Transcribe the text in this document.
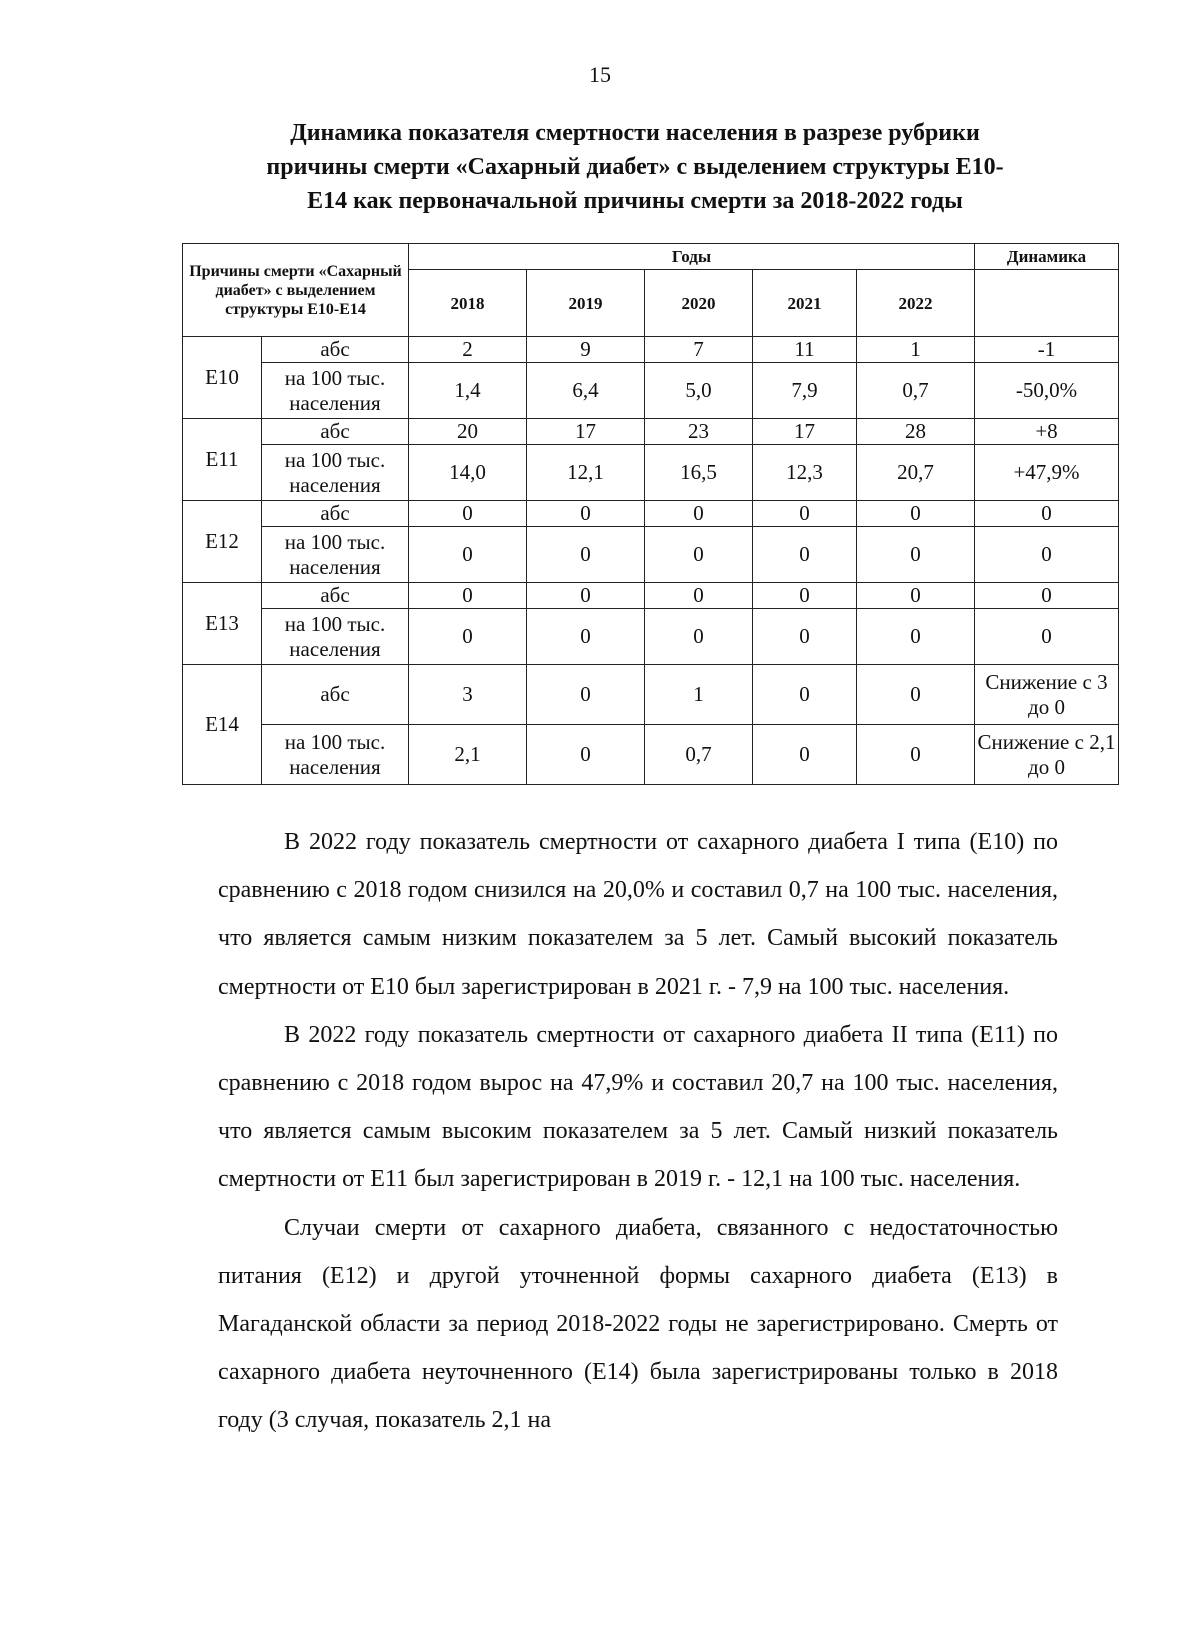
15
Динамика показателя смертности населения в разрезе рубрики
причины смерти «Сахарный диабет» с выделением структуры Е10-
Е14 как первоначальной причины смерти за 2018-2022 годы
Причины смерти «Сахарный диабет» с выделением структуры Е10-Е14		Годы					Динамика
		2018	2019	2020	2021	2022	
Е10	абс	2	9	7	11	1	-1
	на 100 тыс. населения	1,4	6,4	5,0	7,9	0,7	-50,0%
Е11	абс	20	17	23	17	28	+8
	на 100 тыс. населения	14,0	12,1	16,5	12,3	20,7	+47,9%
Е12	абс	0	0	0	0	0	0
	на 100 тыс. населения	0	0	0	0	0	0
Е13	абс	0	0	0	0	0	0
	на 100 тыс. населения	0	0	0	0	0	0
Е14	абс	3	0	1	0	0	Снижение с 3 до 0
	на 100 тыс. населения	2,1	0	0,7	0	0	Снижение с 2,1 до 0

В 2022 году показатель смертности от сахарного диабета I типа (Е10) по сравнению с 2018 годом снизился на 20,0% и составил 0,7 на 100 тыс. населения, что является самым низким показателем за 5 лет. Самый высокий показатель смертности от Е10 был зарегистрирован в 2021 г. - 7,9 на 100 тыс. населения.

В 2022 году показатель смертности от сахарного диабета II типа (Е11) по сравнению с 2018 годом вырос на 47,9% и составил 20,7 на 100 тыс. населения, что является самым высоким показателем за 5 лет. Самый низкий показатель смертности от Е11 был зарегистрирован в 2019 г. - 12,1 на 100 тыс. населения.

Случаи смерти от сахарного диабета, связанного с недостаточностью питания (Е12) и другой уточненной формы сахарного диабета (Е13) в Магаданской области за период 2018-2022 годы не зарегистрировано. Смерть от сахарного диабета неуточненного (Е14) была зарегистрированы только в 2018 году (3 случая, показатель 2,1 на
